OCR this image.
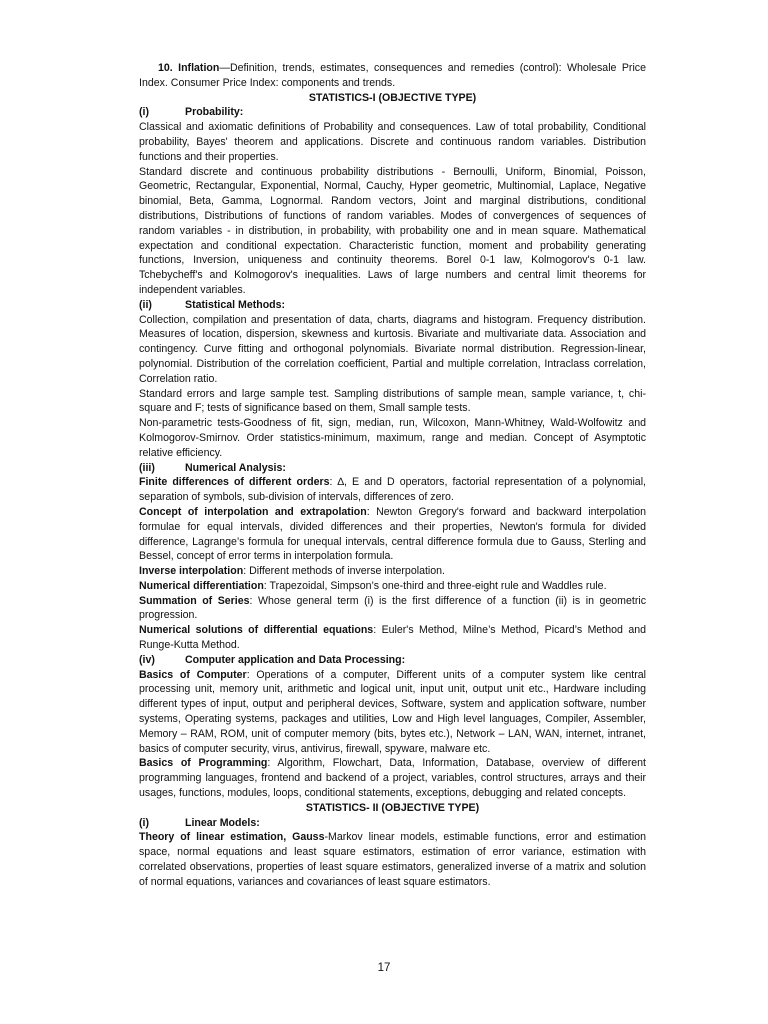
10. Inflation—Definition, trends, estimates, consequences and remedies (control): Wholesale Price Index. Consumer Price Index: components and trends.

STATISTICS-I (OBJECTIVE TYPE)

(i)	Probability:

Classical and axiomatic definitions of Probability and consequences. Law of total probability, Conditional probability, Bayes' theorem and applications. Discrete and continuous random variables. Distribution functions and their properties.

Standard discrete and continuous probability distributions - Bernoulli, Uniform, Binomial, Poisson, Geometric, Rectangular, Exponential, Normal, Cauchy, Hyper geometric, Multinomial, Laplace, Negative binomial, Beta, Gamma, Lognormal. Random vectors, Joint and marginal distributions, conditional distributions, Distributions of functions of random variables. Modes of convergences of sequences of random variables - in distribution, in probability, with probability one and in mean square. Mathematical expectation and conditional expectation. Characteristic function, moment and probability generating functions, Inversion, uniqueness and continuity theorems. Borel 0-1 law, Kolmogorov's 0-1 law. Tchebycheff's and Kolmogorov's inequalities. Laws of large numbers and central limit theorems for independent variables.

(ii)	Statistical Methods:

Collection, compilation and presentation of data, charts, diagrams and histogram. Frequency distribution. Measures of location, dispersion, skewness and kurtosis. Bivariate and multivariate data. Association and contingency. Curve fitting and orthogonal polynomials. Bivariate normal distribution. Regression-linear, polynomial. Distribution of the correlation coefficient, Partial and multiple correlation, Intraclass correlation, Correlation ratio.

Standard errors and large sample test. Sampling distributions of sample mean, sample variance, t, chi-square and F; tests of significance based on them, Small sample tests.

Non-parametric tests-Goodness of fit, sign, median, run, Wilcoxon, Mann-Whitney, Wald-Wolfowitz and Kolmogorov-Smirnov. Order statistics-minimum, maximum, range and median. Concept of Asymptotic relative efficiency.

(iii)	Numerical Analysis:

Finite differences of different orders: ∆, E and D operators, factorial representation of a polynomial, separation of symbols, sub-division of intervals, differences of zero.

Concept of interpolation and extrapolation: Newton Gregory's forward and backward interpolation formulae for equal intervals, divided differences and their properties, Newton's formula for divided difference, Lagrange’s formula for unequal intervals, central difference formula due to Gauss, Sterling and Bessel, concept of error terms in interpolation formula.

Inverse interpolation: Different methods of inverse interpolation.

Numerical differentiation: Trapezoidal, Simpson’s one-third and three-eight rule and Waddles rule.

Summation of Series: Whose general term (i) is the first difference of a function (ii) is in geometric progression.

Numerical solutions of differential equations: Euler's Method, Milne’s Method, Picard’s Method and Runge-Kutta Method.

(iv)	Computer application and Data Processing:

Basics of Computer: Operations of a computer, Different units of a computer system like central processing unit, memory unit, arithmetic and logical unit, input unit, output unit etc., Hardware including different types of input, output and peripheral devices, Software, system and application software, number systems, Operating systems, packages and utilities, Low and High level languages, Compiler, Assembler, Memory – RAM, ROM, unit of computer memory (bits, bytes etc.), Network – LAN, WAN, internet, intranet, basics of computer security, virus, antivirus, firewall, spyware, malware etc.

Basics of Programming: Algorithm, Flowchart, Data, Information, Database, overview of different programming languages, frontend and backend of a project, variables, control structures, arrays and their usages, functions, modules, loops, conditional statements, exceptions, debugging and related concepts.

STATISTICS- II (OBJECTIVE TYPE)

(i)	Linear Models:

Theory of linear estimation, Gauss-Markov linear models, estimable functions, error and estimation space, normal equations and least square estimators, estimation of error variance, estimation with correlated observations, properties of least square estimators, generalized inverse of a matrix and solution of normal equations, variances and covariances of least square estimators.

17
